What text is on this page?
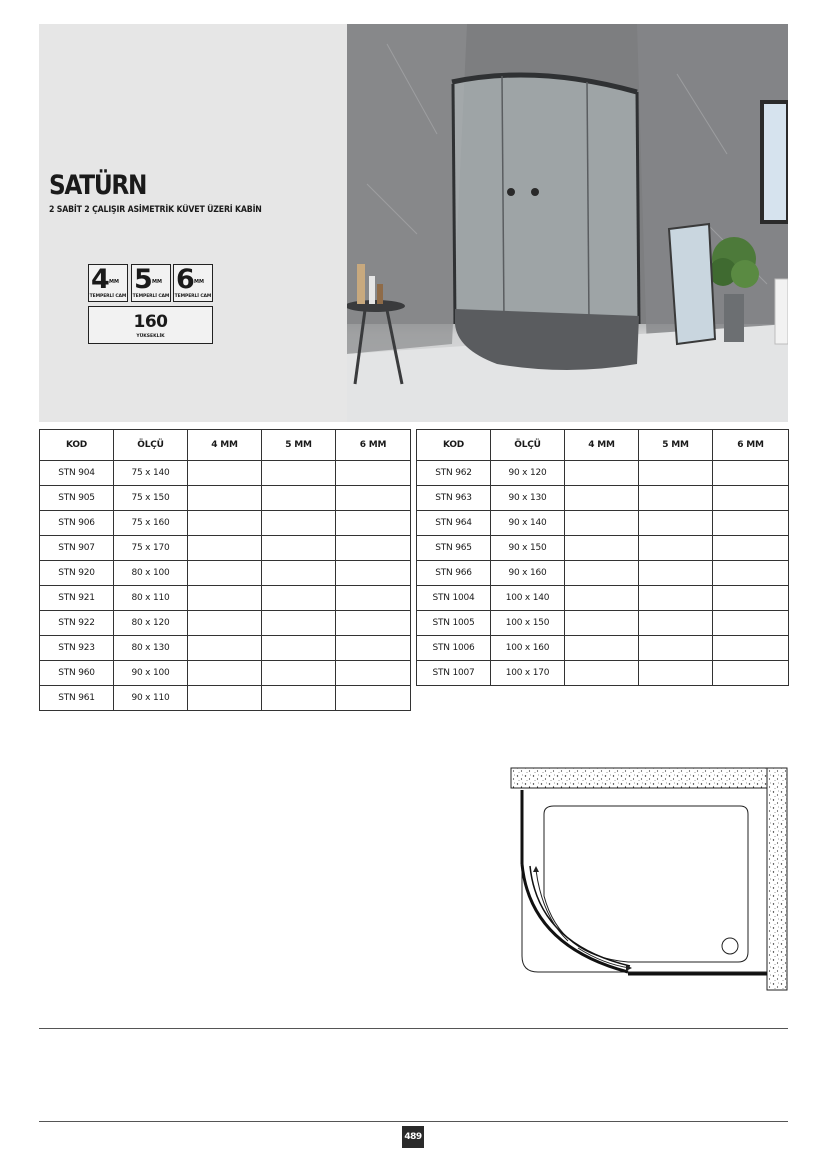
SATÜRN
2 SABİT 2 ÇALIŞIR ASİMETRİK KÜVET ÜZERİ KABİN
4 MM
TEMPERLİ CAM
5 MM
TEMPERLİ CAM
6 MM
TEMPERLİ CAM
160
YÜKSEKLİK
KOD	ÖLÇÜ	4 MM	5 MM	6 MM
STN 904	75 x 140			
STN 905	75 x 150			
STN 906	75 x 160			
STN 907	75 x 170			
STN 920	80 x 100			
STN 921	80 x 110			
STN 922	80 x 120			
STN 923	80 x 130			
STN 960	90 x 100			
STN 961	90 x 110			
KOD	ÖLÇÜ	4 MM	5 MM	6 MM
STN 962	90 x 120			
STN 963	90 x 130			
STN 964	90 x 140			
STN 965	90 x 150			
STN 966	90 x 160			
STN 1004	100 x 140			
STN 1005	100 x 150			
STN 1006	100 x 160			
STN 1007	100 x 170			
489
